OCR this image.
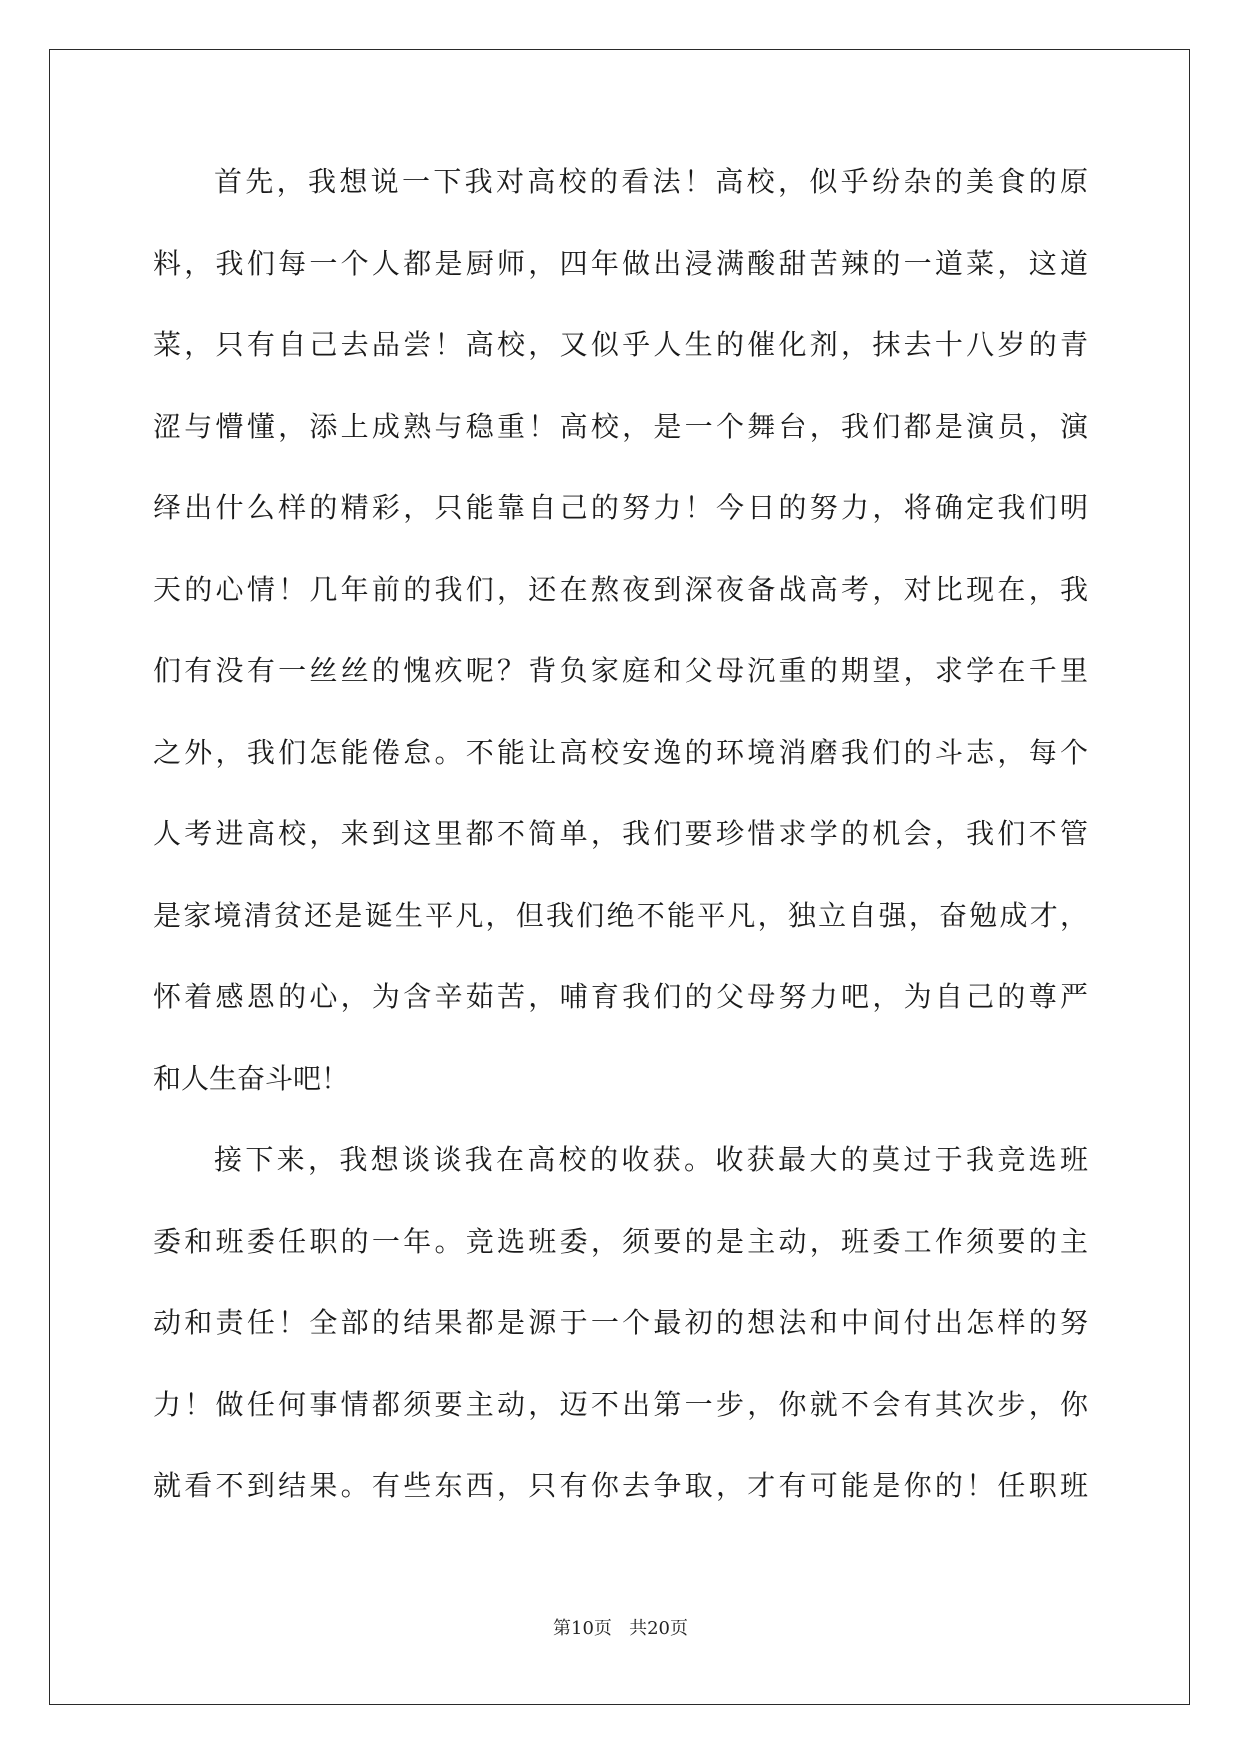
首先，我想说一下我对高校的看法！高校，似乎纷杂的美食的原
料，我们每一个人都是厨师，四年做出浸满酸甜苦辣的一道菜，这道
菜，只有自己去品尝！高校，又似乎人生的催化剂，抹去十八岁的青
涩与懵懂，添上成熟与稳重！高校，是一个舞台，我们都是演员，演
绎出什么样的精彩，只能靠自己的努力！今日的努力，将确定我们明
天的心情！几年前的我们，还在熬夜到深夜备战高考，对比现在，我
们有没有一丝丝的愧疚呢？背负家庭和父母沉重的期望，求学在千里
之外，我们怎能倦怠。不能让高校安逸的环境消磨我们的斗志，每个
人考进高校，来到这里都不简单，我们要珍惜求学的机会，我们不管
是家境清贫还是诞生平凡，但我们绝不能平凡，独立自强，奋勉成才，
怀着感恩的心，为含辛茹苦，哺育我们的父母努力吧，为自己的尊严
和人生奋斗吧！
接下来，我想谈谈我在高校的收获。收获最大的莫过于我竞选班
委和班委任职的一年。竞选班委，须要的是主动，班委工作须要的主
动和责任！全部的结果都是源于一个最初的想法和中间付出怎样的努
力！做任何事情都须要主动，迈不出第一步，你就不会有其次步，你
就看不到结果。有些东西，只有你去争取，才有可能是你的！任职班
第10页 共20页
